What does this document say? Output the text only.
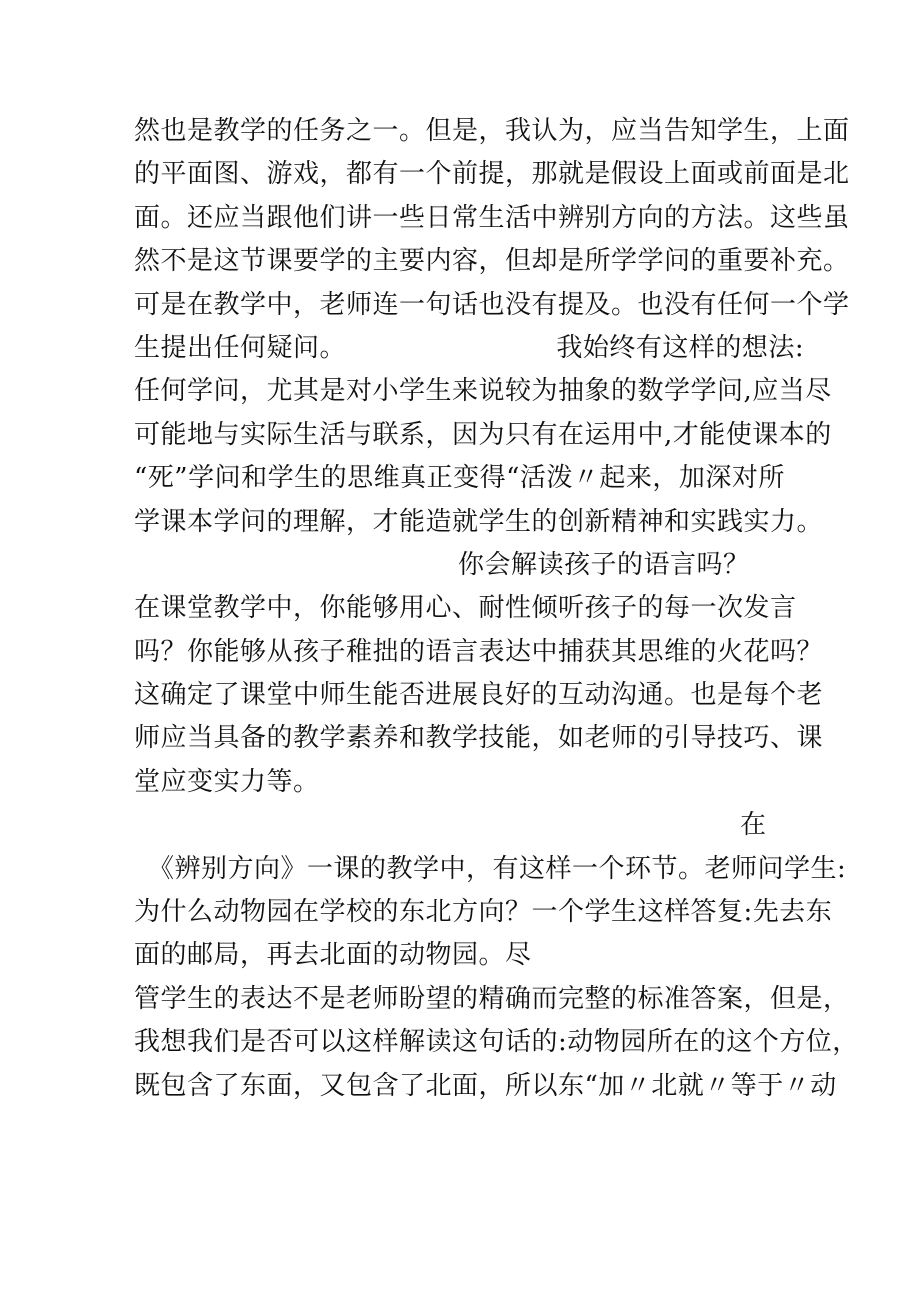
然也是教学的任务之一。但是，我认为，应当告知学生，上面
的平面图、游戏，都有一个前提，那就是假设上面或前面是北
面。还应当跟他们讲一些日常生活中辨别方向的方法。这些虽
然不是这节课要学的主要内容，但却是所学学问的重要补充。
可是在教学中，老师连一句话也没有提及。也没有任何一个学
生提出任何疑问。                        我始终有这样的想法:
任何学问，尤其是对小学生来说较为抽象的数学学问,应当尽
可能地与实际生活与联系，因为只有在运用中,才能使课本的
“死”学问和学生的思维真正变得“活泼〃起来，加深对所
学课本学问的理解，才能造就学生的创新精神和实践实力。
你会解读孩子的语言吗？
在课堂教学中，你能够用心、耐性倾听孩子的每一次发言
吗？你能够从孩子稚拙的语言表达中捕获其思维的火花吗？
这确定了课堂中师生能否进展良好的互动沟通。也是每个老
师应当具备的教学素养和教学技能，如老师的引导技巧、课
堂应变实力等。
在
《辨别方向》一课的教学中，有这样一个环节。老师问学生:
为什么动物园在学校的东北方向？一个学生这样答复:先去东
面的邮局，再去北面的动物园。尽
管学生的表达不是老师盼望的精确而完整的标准答案，但是，
我想我们是否可以这样解读这句话的:动物园所在的这个方位，
既包含了东面，又包含了北面，所以东“加〃北就〃等于〃动
